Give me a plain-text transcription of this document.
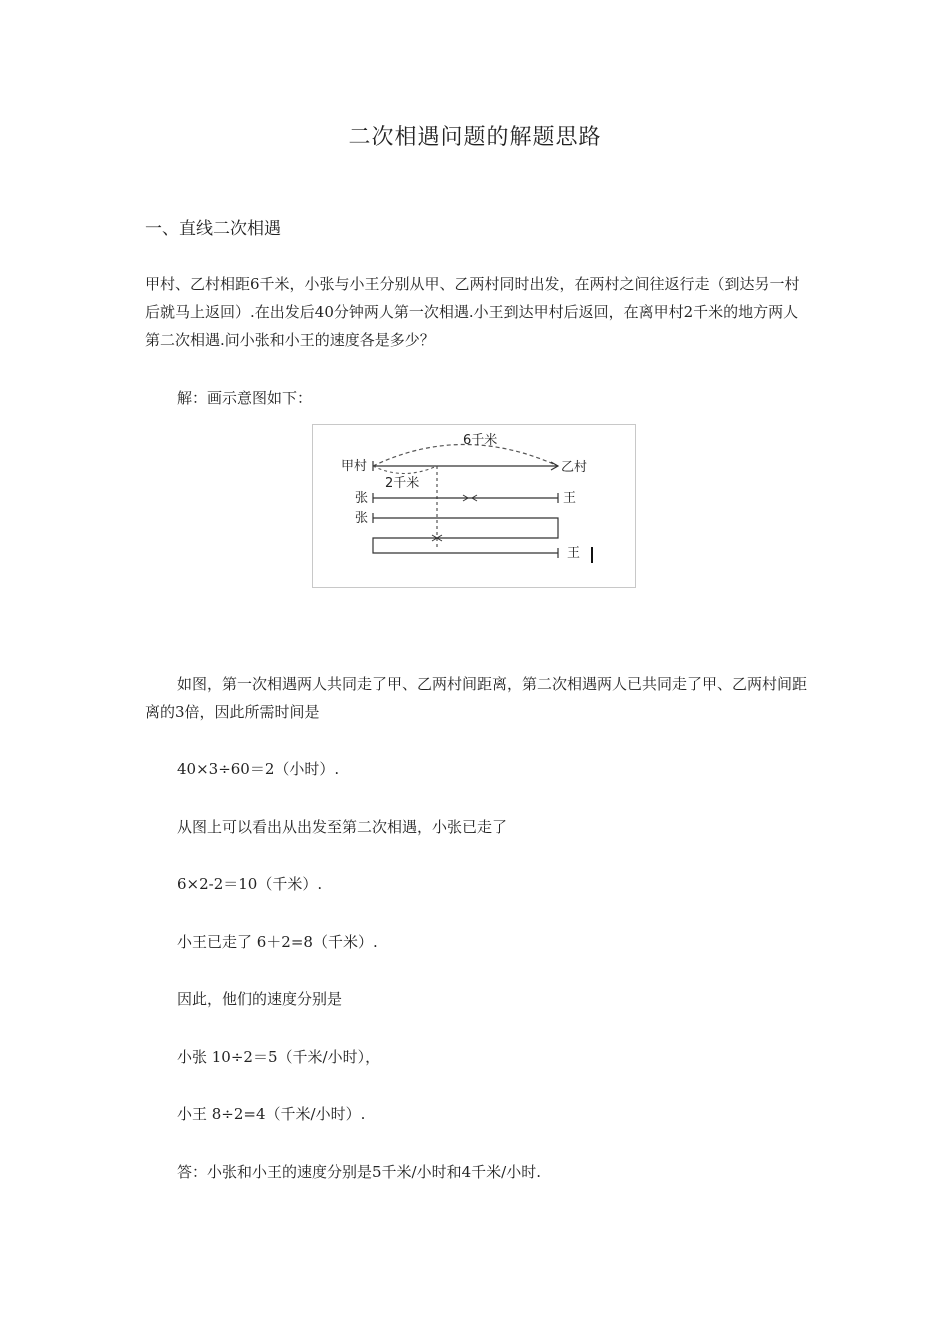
二次相遇问题的解题思路
一、直线二次相遇

甲村、乙村相距6千米，小张与小王分别从甲、乙两村同时出发，在两村之间往返行走（到达另一村后就马上返回）.在出发后40分钟两人第一次相遇.小王到达甲村后返回，在离甲村2千米的地方两人第二次相遇.问小张和小王的速度各是多少？

解：画示意图如下：

6千米
甲村	乙村
2千米
张	王
张
王

如图，第一次相遇两人共同走了甲、乙两村间距离，第二次相遇两人已共同走了甲、乙两村间距离的3倍，因此所需时间是

40×3÷60＝2（小时）.

从图上可以看出从出发至第二次相遇，小张已走了

6×2-2＝10（千米）.

小王已走了 6＋2=8（千米）.

因此，他们的速度分别是

小张 10÷2＝5（千米/小时），

小王 8÷2=4（千米/小时）.

答：小张和小王的速度分别是5千米/小时和4千米/小时.
